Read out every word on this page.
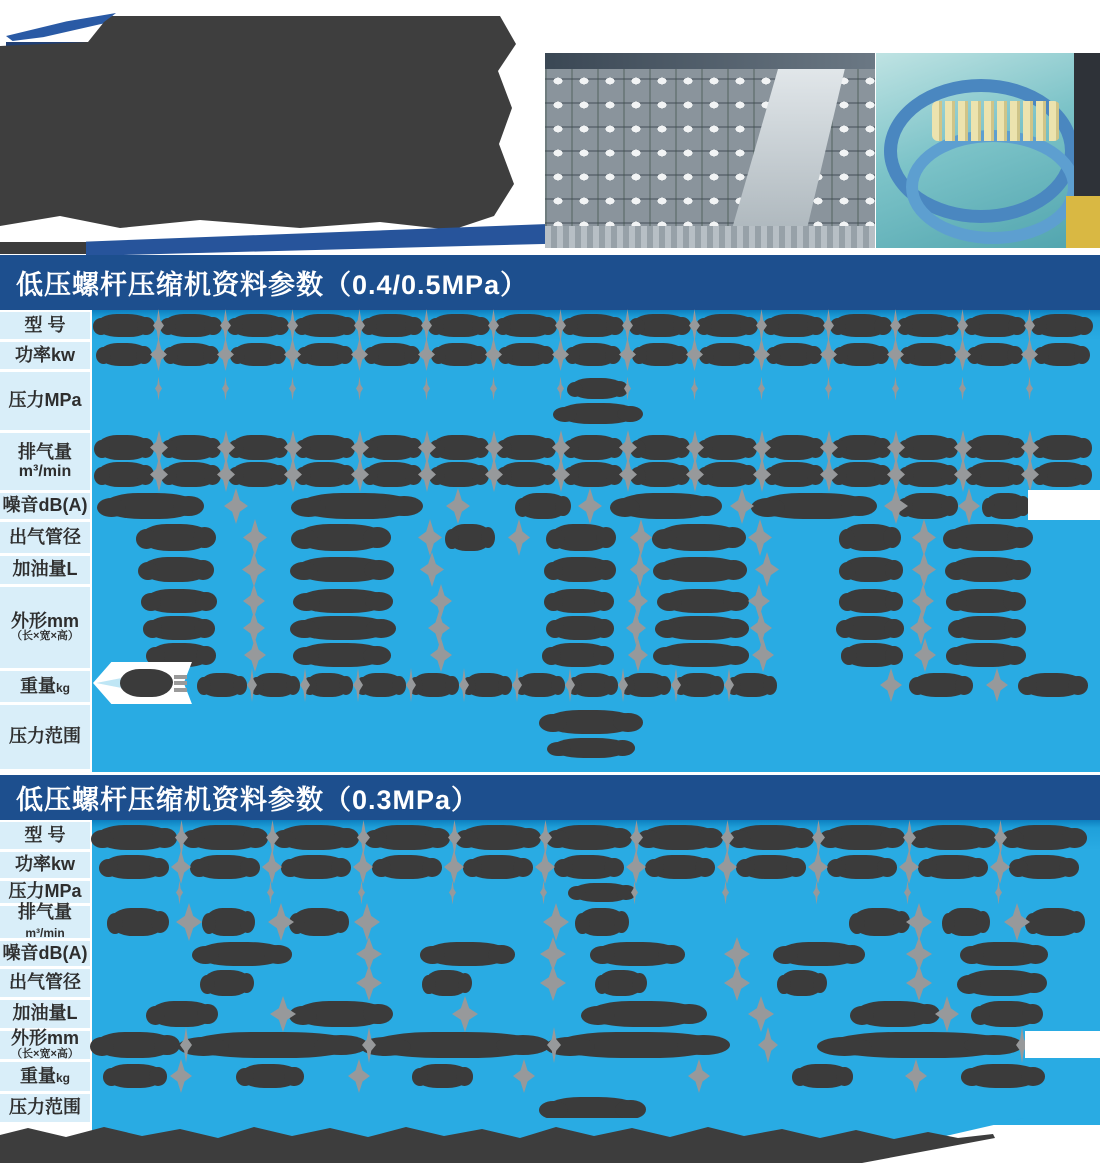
低压螺杆压缩机资料参数（0.4/0.5MPa）
低压螺杆压缩机资料参数（0.3MPa）
型 号
功率kw
压力MPa
排气量
m³/min
噪音dB(A)
出气管径
加油量L
外形mm
（长×宽×高）
重量kg
压力范围
型 号
功率kw
压力MPa
排气量m³/min
噪音dB(A)
出气管径
加油量L
外形mm
（长×宽×高）
重量kg
压力范围
